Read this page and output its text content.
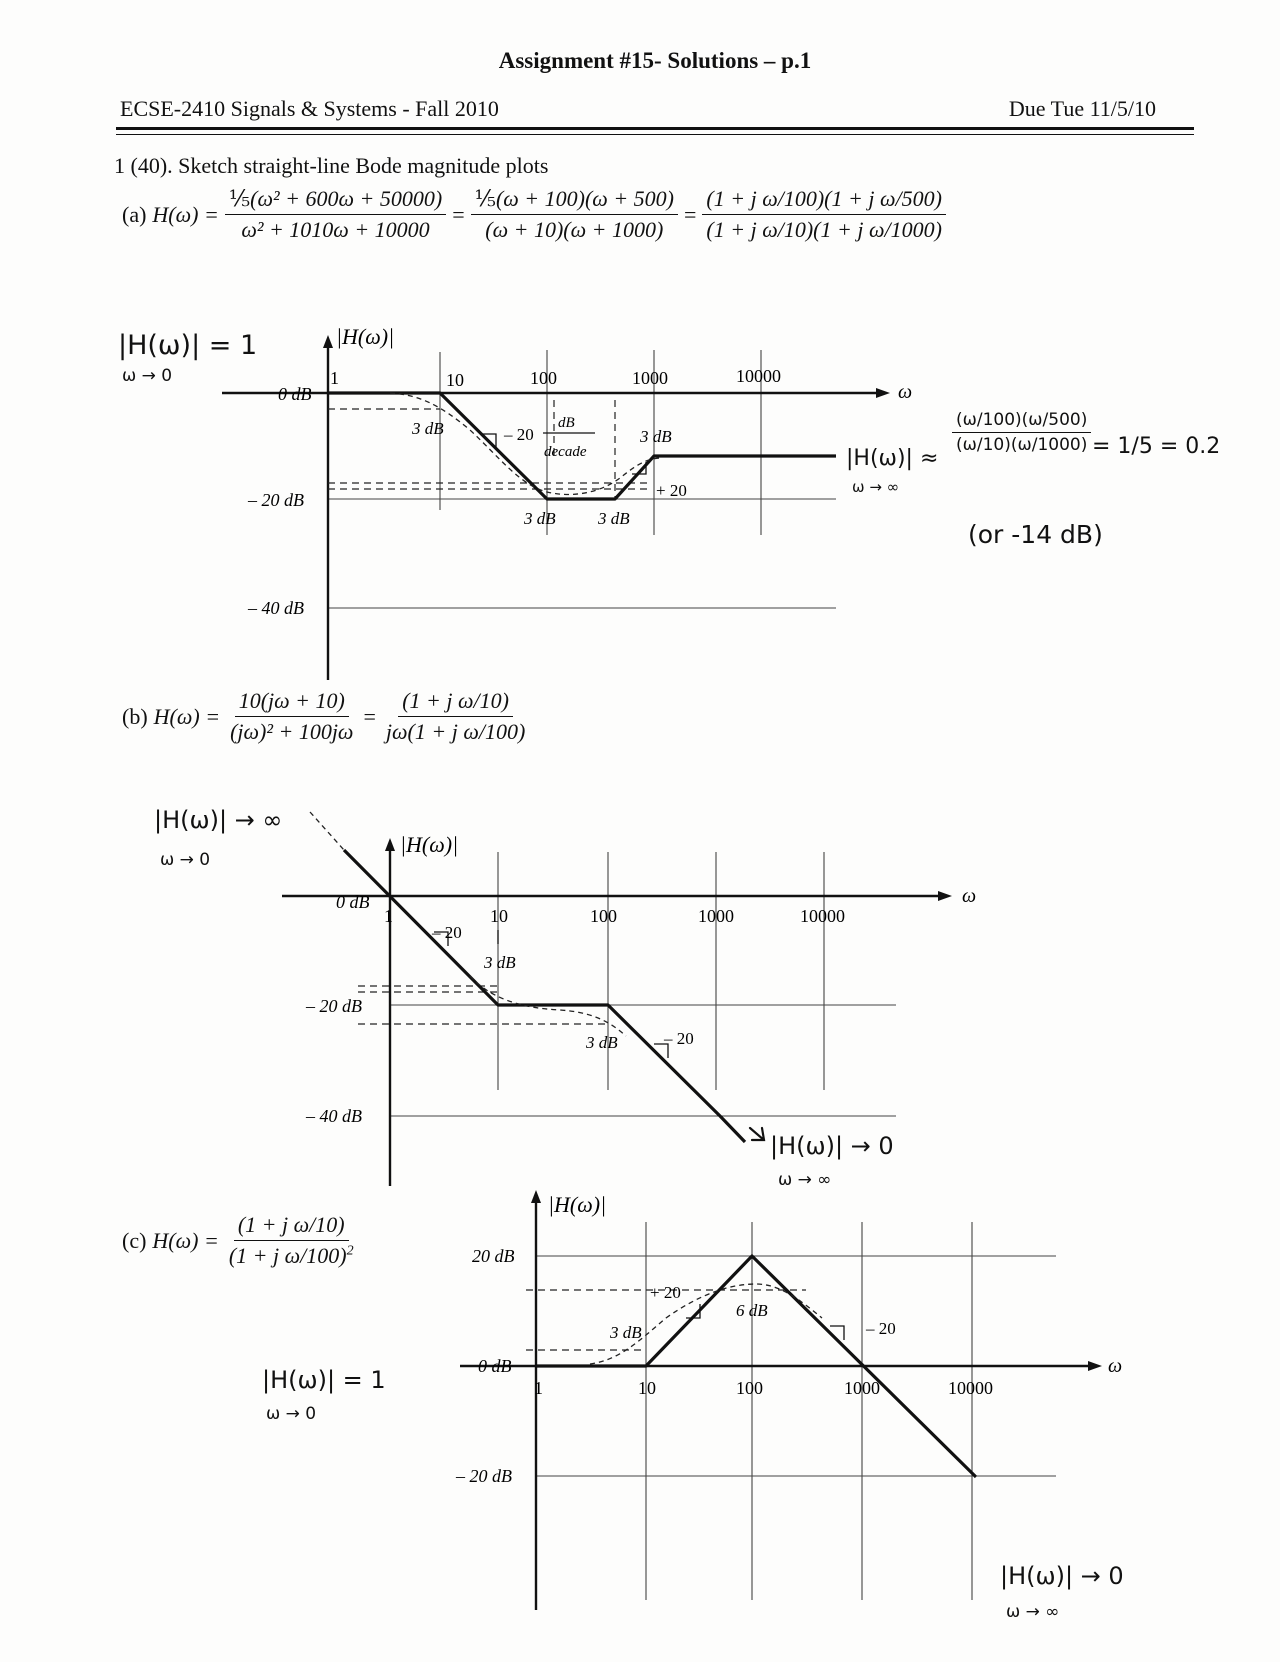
Assignment #15- Solutions – p.1
ECSE-2410 Signals & Systems - Fall 2010	Due Tue 11/5/10
1 (40). Sketch straight-line Bode magnitude plots
(a) $H(\omega) = \frac{\text{⅕(ω² + 600ω + 50000)}}{\text{ω² + 1010ω + 10000}} = \frac{\text{⅕(ω + 100)(ω + 500)}}{(\omega + 10)(\omega + 1000)} = \frac{\text{(1 + j ω/100)(1 + j ω/500)}}{\text{(1 + j ω/10)(1 + j ω/1000)}}$
|H(ω)| = 1
ω → 0
|H(ω)| ≈
ω → ∞
$\frac{(\omega/100)(\omega/500)}{(\omega/10)(\omega/1000)} = 1/5 = 0.2$
(or -14 dB)
(b) $H(\omega) = \frac{10(j\omega + 10)}{\text{(jω)² + 100jω}} = \frac{\text{(1 + j ω/10)}}{\text{jω(1 + j ω/100)}}$
|H(ω)| → ∞
ω → 0
|H(ω)| → 0
ω → ∞
(c) $H(\omega) = \frac{\text{(1 + j ω/10)}}{(1 + j \omega/100)^2}$
|H(ω)| = 1
ω → 0
|H(ω)| → 0
ω → ∞
|H(ω)|
ω
1	10	100	1000	10000
0 dB
– 20 dB
– 40 dB
3 dB	– 20
dB
decade
3 dB
+ 20
3 dB 3 dB
|H(ω)|
ω
1	10	100	1000	10000
0 dB
– 20 dB
– 40 dB
– 20
3 dB
3 dB	– 20
|H(ω)|
ω
1	10	100	1000	10000
20 dB
0 dB
– 20 dB
+ 20
6 dB
3 dB	– 20
